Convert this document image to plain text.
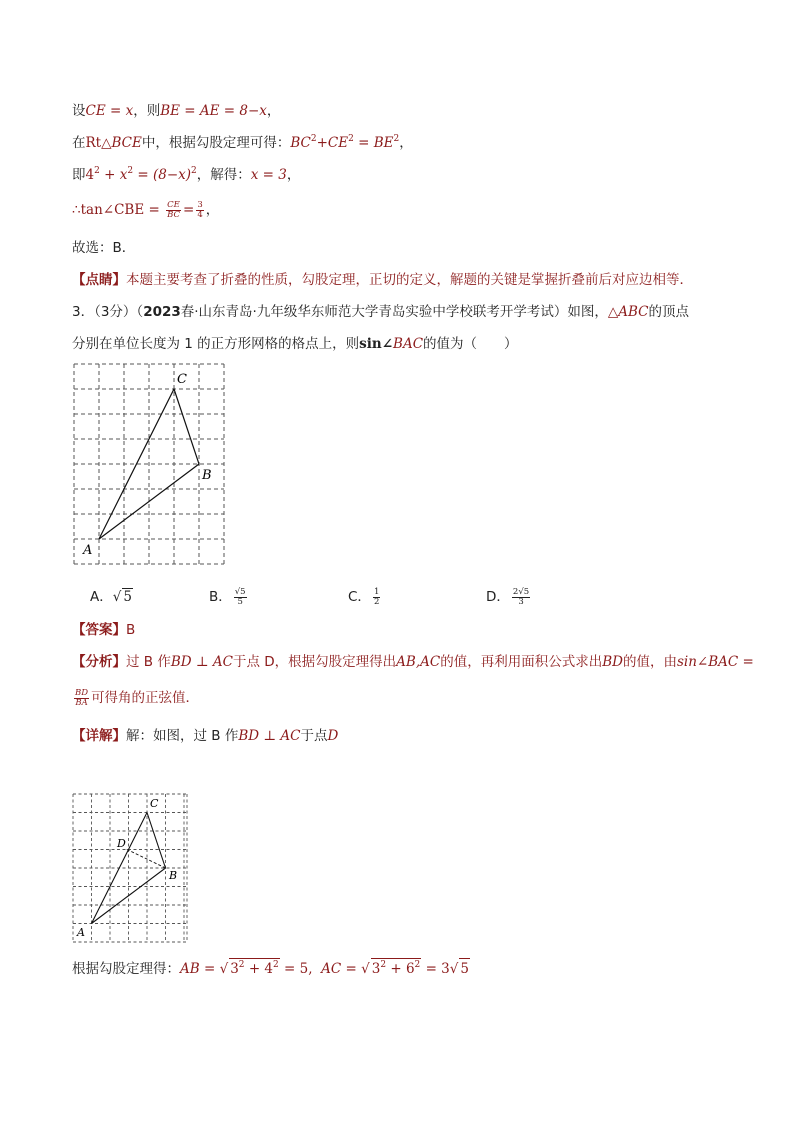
设CE = x，则BE = AE = 8−x，
在Rt△BCE中，根据勾股定理可得：$BC^2+CE^2 = BE^2$，
即$4^2 + x^2 = (8-x)^2$，解得：x = 3，
∴tan∠CBE = $\frac{CE}{BC} = \frac{3}{4}$ ，
故选：B．
【点睛】本题主要考查了折叠的性质，勾股定理，正切的定义，解题的关键是掌握折叠前后对应边相等．
3．（3分）（2023春·山东青岛·九年级华东师范大学青岛实验中学校联考开学考试）如图，△ABC的顶点
分别在单位长度为 1 的正方形网格的格点上，则sin∠BAC的值为（　　）
A
B
C
A．√ 5	B． $\frac{√5}{5}$	C． $\frac{1}{2}$	D． $\frac{2√5}{3}$
【答案】B
【分析】过 B 作BD ⊥ AC于点 D，根据勾股定理得出AB,AC的值，再利用面积公式求出BD的值，由sin∠BAC =
$\frac{BD}{BA}$ 可得角的正弦值．
【详解】解：如图，过 B 作BD ⊥ AC于点D
A
B
C
D
根据勾股定理得：AB = √ $3^2 + 4^2 = 5$, AC = √ $3^2 + 6^2 = 3√$ 5
